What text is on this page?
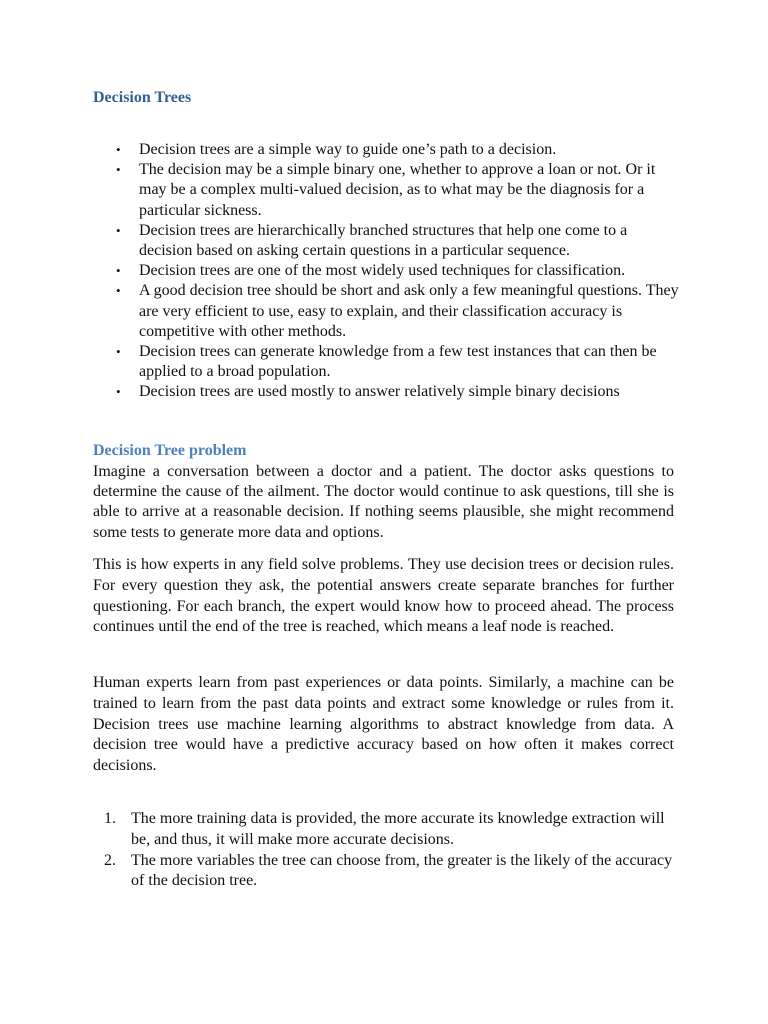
Decision Trees
• Decision trees are a simple way to guide one’s path to a decision.
• The decision may be a simple binary one, whether to approve a loan or not. Or it may be a complex multi-valued decision, as to what may be the diagnosis for a particular sickness.
• Decision trees are hierarchically branched structures that help one come to a decision based on asking certain questions in a particular sequence.
• Decision trees are one of the most widely used techniques for classification.
• A good decision tree should be short and ask only a few meaningful questions. They are very efficient to use, easy to explain, and their classification accuracy is competitive with other methods.
• Decision trees can generate knowledge from a few test instances that can then be applied to a broad population.
• Decision trees are used mostly to answer relatively simple binary decisions
Decision Tree problem

Imagine a conversation between a doctor and a patient. The doctor asks questions to determine the cause of the ailment. The doctor would continue to ask questions, till she is able to arrive at a reasonable decision. If nothing seems plausible, she might recommend some tests to generate more data and options.

This is how experts in any field solve problems. They use decision trees or decision rules. For every question they ask, the potential answers create separate branches for further questioning. For each branch, the expert would know how to proceed ahead. The process continues until the end of the tree is reached, which means a leaf node is reached.

Human experts learn from past experiences or data points. Similarly, a machine can be trained to learn from the past data points and extract some knowledge or rules from it. Decision trees use machine learning algorithms to abstract knowledge from data. A decision tree would have a predictive accuracy based on how often it makes correct decisions.

1. The more training data is provided, the more accurate its knowledge extraction will be, and thus, it will make more accurate decisions.
2. The more variables the tree can choose from, the greater is the likely of the accuracy of the decision tree.
